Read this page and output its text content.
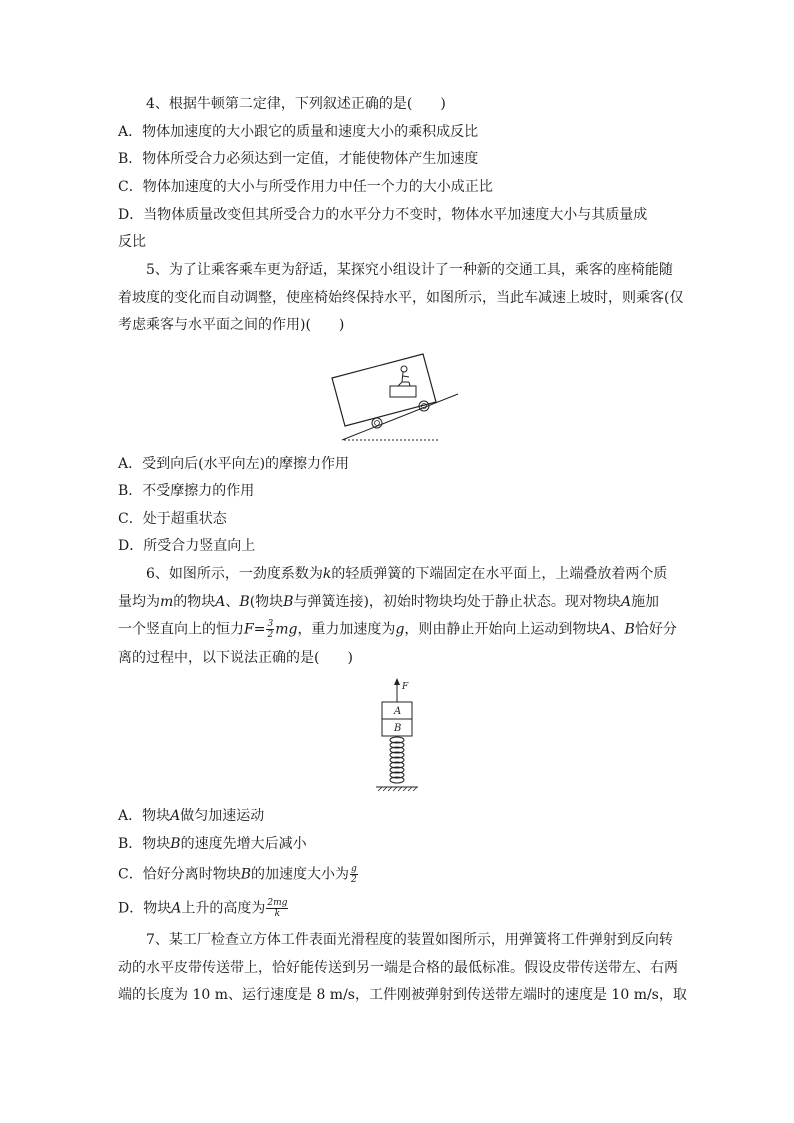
4、根据牛顿第二定律，下列叙述正确的是(　　)
A．物体加速度的大小跟它的质量和速度大小的乘积成反比
B．物体所受合力必须达到一定值，才能使物体产生加速度
C．物体加速度的大小与所受作用力中任一个力的大小成正比
D．当物体质量改变但其所受合力的水平分力不变时，物体水平加速度大小与其质量成
反比
5、为了让乘客乘车更为舒适，某探究小组设计了一种新的交通工具，乘客的座椅能随
着坡度的变化而自动调整，使座椅始终保持水平，如图所示，当此车减速上坡时，则乘客(仅
考虑乘客与水平面之间的作用)(　　)
A．受到向后(水平向左)的摩擦力作用
B．不受摩擦力的作用
C．处于超重状态
D．所受合力竖直向上
6、如图所示，一劲度系数为k的轻质弹簧的下端固定在水平面上，上端叠放着两个质
量均为m的物块A、B(物块B与弹簧连接)，初始时物块均处于静止状态。现对物块A施加
一个竖直向上的恒力$F= \frac{3}{2}$ mg，重力加速度为g，则由静止开始向上运动到物块A、B恰好分
离的过程中，以下说法正确的是(　　)
F
A
B
A．物块A做匀加速运动
B．物块B的速度先增大后减小
C．恰好分离时物块B的加速度大小为 $\frac{g}{2}$
D．物块A上升的高度为 $\frac{2mg}{k}$
7、某工厂检查立方体工件表面光滑程度的装置如图所示，用弹簧将工件弹射到反向转
动的水平皮带传送带上，恰好能传送到另一端是合格的最低标准。假设皮带传送带左、右两
端的长度为 10 m、运行速度是 8 m/s，工件刚被弹射到传送带左端时的速度是 10 m/s，取
